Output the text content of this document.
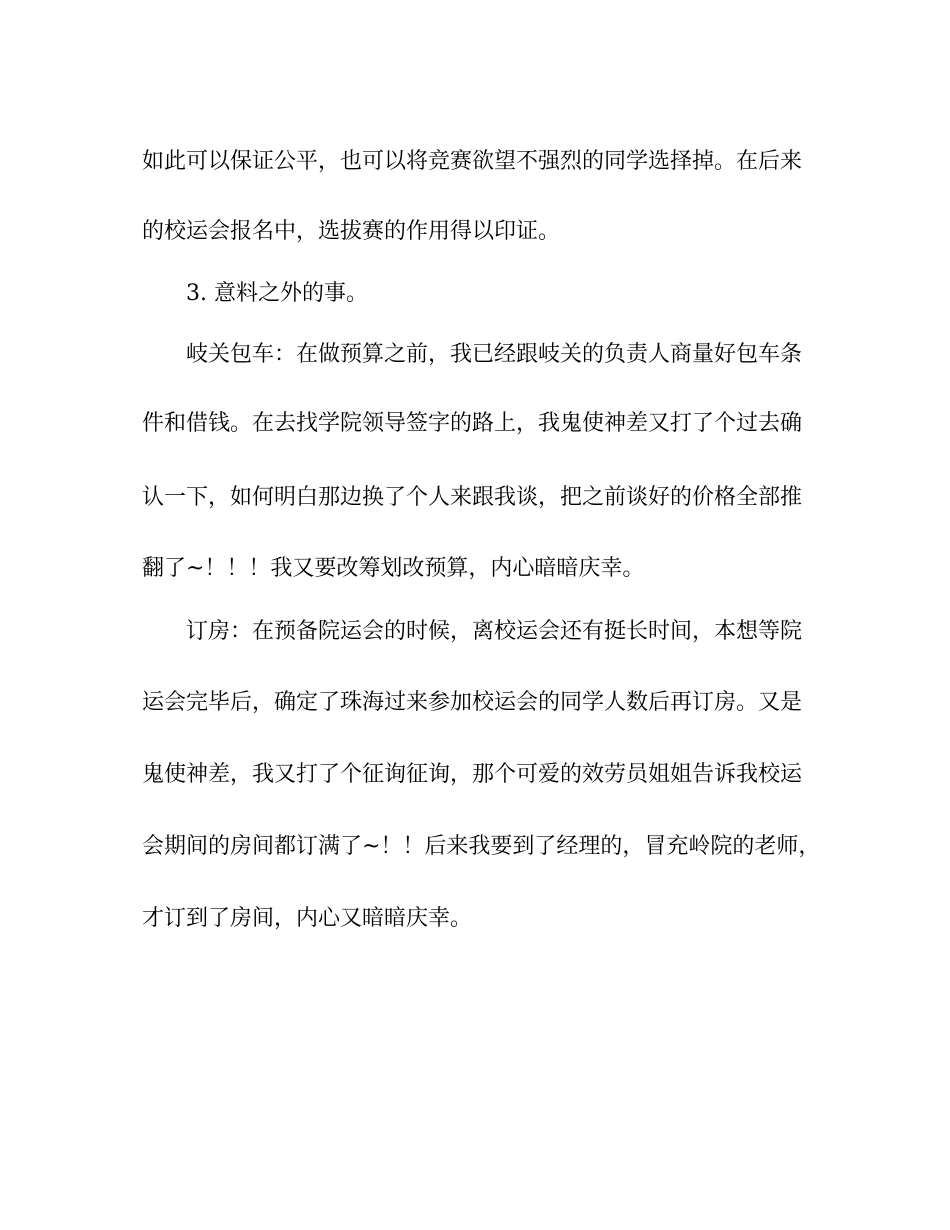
如此可以保证公平，也可以将竞赛欲望不强烈的同学选择掉。在后来
的校运会报名中，选拔赛的作用得以印证。
3. 意料之外的事。
岐关包车：在做预算之前，我已经跟岐关的负责人商量好包车条
件和借钱。在去找学院领导签字的路上，我鬼使神差又打了个过去确
认一下，如何明白那边换了个人来跟我谈，把之前谈好的价格全部推
翻了~！！！我又要改筹划改预算，内心暗暗庆幸。
订房：在预备院运会的时候，离校运会还有挺长时间，本想等院
运会完毕后，确定了珠海过来参加校运会的同学人数后再订房。又是
鬼使神差，我又打了个征询征询，那个可爱的效劳员姐姐告诉我校运
会期间的房间都订满了~！！后来我要到了经理的，冒充岭院的老师，
才订到了房间，内心又暗暗庆幸。
